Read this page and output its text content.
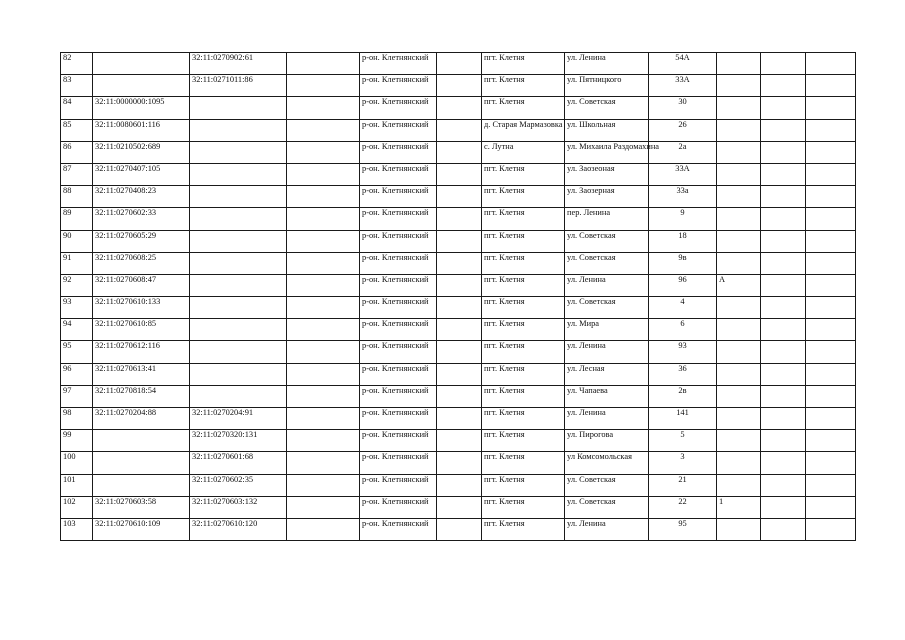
82		32:11:0270902:61		р-он. Клетнянский		пгт. Клетня	ул. Ленина	54А			
83		32:11:0271011:86		р-он. Клетнянский		пгт. Клетня	ул. Пятницкого	33А			
84	32:11:0000000:1095			р-он. Клетнянский		пгт. Клетня	ул. Советская	30			
85	32:11:0080601:116			р-он. Клетнянский		д. Старая Мармазовка	ул. Школьная	26			
86	32:11:0210502:689			р-он. Клетнянский		с. Лутна	ул. Михаила Раздомахина	2а			
87	32:11:0270407:105			р-он. Клетнянский		пгт. Клетня	ул. Заозеоная	33А			
88	32:11:0270408:23			р-он. Клетнянский		пгт. Клетня	ул. Заозерная	33а			
89	32:11:0270602:33			р-он. Клетнянский		пгт. Клетня	пер. Ленина	9			
90	32:11:0270605:29			р-он. Клетнянский		пгт. Клетня	ул. Советская	18			
91	32:11:0270608:25			р-он. Клетнянский		пгт. Клетня	ул. Советская	9в			
92	32:11:0270608:47			р-он. Клетнянский		пгт. Клетня	ул. Ленина	96	А		
93	32:11:0270610:133			р-он. Клетнянский		пгт. Клетня	ул. Советская	4			
94	32:11:0270610:85			р-он. Клетнянский		пгт. Клетня	ул. Мира	6			
95	32:11:0270612:116			р-он. Клетнянский		пгт. Клетня	ул. Ленина	93			
96	32:11:0270613:41			р-он. Клетнянский		пгт. Клетня	ул. Лесная	36			
97	32:11:0270818:54			р-он. Клетнянский		пгт. Клетня	ул. Чапаева	2в			
98	32:11:0270204:88	32:11:0270204:91		р-он. Клетнянский		пгт. Клетня	ул. Ленина	141			
99		32:11:0270320:131		р-он. Клетнянский		пгт. Клетня	ул. Пирогова	5			
100		32:11:0270601:68		р-он. Клетнянский		пгт. Клетня	ул Комсомольская	3			
101		32:11:0270602:35		р-он. Клетнянский		пгт. Клетня	ул. Советская	21			
102	32:11:0270603:58	32:11:0270603:132		р-он. Клетнянский		пгт. Клетня	ул. Советская	22	1		
103	32:11:0270610:109	32:11:0270610:120		р-он. Клетнянский		пгт. Клетня	ул. Ленина	95			
